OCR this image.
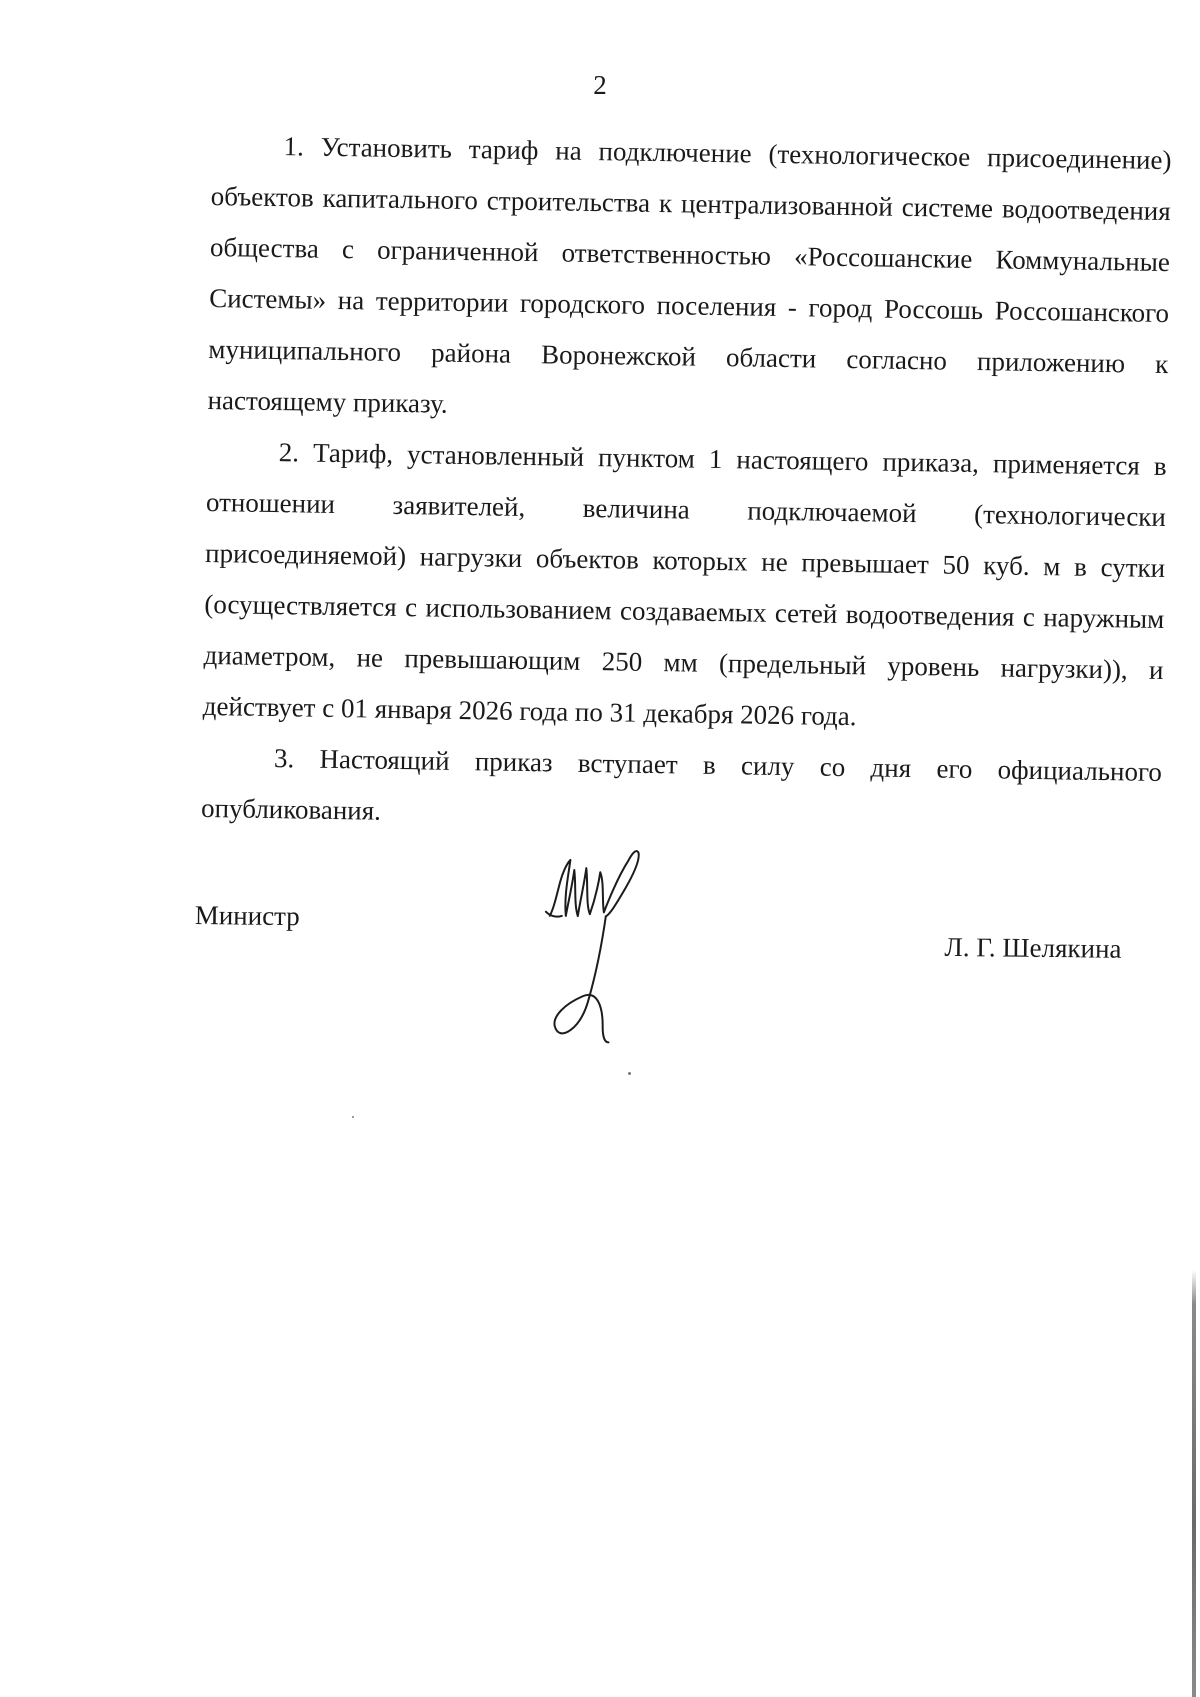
2

1. Установить тариф на подключение (технологическое присоединение) объектов капитального строительства к централизованной системе водоотведения общества с ограниченной ответственностью «Россошанские Коммунальные Системы» на территории городского поселения - город Россошь Россошанского муниципального района Воронежской области согласно приложению к настоящему приказу.

2. Тариф, установленный пунктом 1 настоящего приказа, применяется в отношении заявителей, величина подключаемой (технологически присоединяемой) нагрузки объектов которых не превышает 50 куб. м в сутки (осуществляется с использованием создаваемых сетей водоотведения с наружным диаметром, не превышающим 250 мм (предельный уровень нагрузки)), и действует с 01 января 2026 года по 31 декабря 2026 года.

3. Настоящий приказ вступает в силу со дня его официального опубликования.

Министр
Л. Г. Шелякина
